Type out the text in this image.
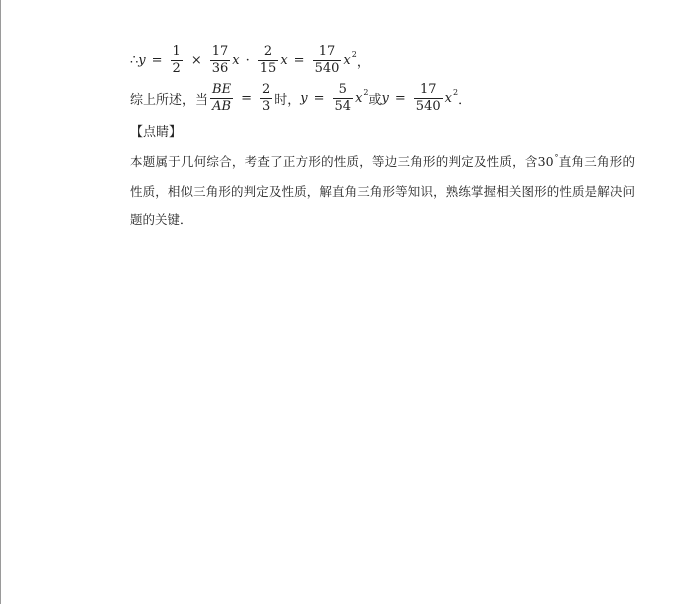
∴ $y = \frac{1}{2} \times \frac{17}{36}$ $x \cdot \frac{2}{15}$ $x = \frac{17}{540}$ x 2
，
综上所述，当 $\frac{BE}{AB} = \frac{2}{3}$ 时， $y = \frac{5}{54}$ x 2
或 $y = \frac{17}{540}$ x 2
．
【点睛】
本题属于几何综合，考查了正方形的性质，等边三角形的判定及性质，含30°直角三角形的性质，相似三角形的判定及性质，解直角三角形等知识，熟练掌握相关图形的性质是解决问题的关键．
